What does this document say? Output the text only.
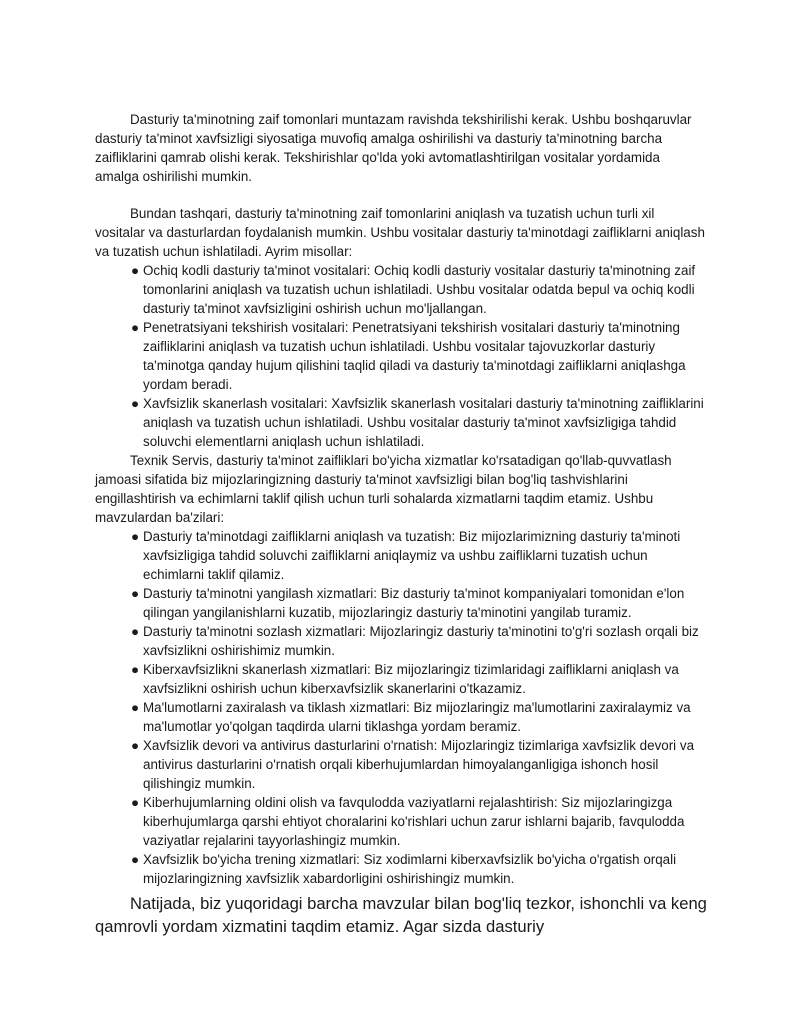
Dasturiy ta'minotning zaif tomonlari muntazam ravishda tekshirilishi kerak. Ushbu boshqaruvlar dasturiy ta'minot xavfsizligi siyosatiga muvofiq amalga oshirilishi va dasturiy ta'minotning barcha zaifliklarini qamrab olishi kerak. Tekshirishlar qo'lda yoki avtomatlashtirilgan vositalar yordamida amalga oshirilishi mumkin.

Bundan tashqari, dasturiy ta'minotning zaif tomonlarini aniqlash va tuzatish uchun turli xil vositalar va dasturlardan foydalanish mumkin. Ushbu vositalar dasturiy ta'minotdagi zaifliklarni aniqlash va tuzatish uchun ishlatiladi. Ayrim misollar:

● Ochiq kodli dasturiy ta'minot vositalari: Ochiq kodli dasturiy vositalar dasturiy ta'minotning zaif tomonlarini aniqlash va tuzatish uchun ishlatiladi. Ushbu vositalar odatda bepul va ochiq kodli dasturiy ta'minot xavfsizligini oshirish uchun mo'ljallangan.
● Penetratsiyani tekshirish vositalari: Penetratsiyani tekshirish vositalari dasturiy ta'minotning zaifliklarini aniqlash va tuzatish uchun ishlatiladi. Ushbu vositalar tajovuzkorlar dasturiy ta'minotga qanday hujum qilishini taqlid qiladi va dasturiy ta'minotdagi zaifliklarni aniqlashga yordam beradi.
● Xavfsizlik skanerlash vositalari: Xavfsizlik skanerlash vositalari dasturiy ta'minotning zaifliklarini aniqlash va tuzatish uchun ishlatiladi. Ushbu vositalar dasturiy ta'minot xavfsizligiga tahdid soluvchi elementlarni aniqlash uchun ishlatiladi.

Texnik Servis, dasturiy ta'minot zaifliklari bo'yicha xizmatlar ko'rsatadigan qo'llab-quvvatlash jamoasi sifatida biz mijozlaringizning dasturiy ta'minot xavfsizligi bilan bog'liq tashvishlarini engillashtirish va echimlarni taklif qilish uchun turli sohalarda xizmatlarni taqdim etamiz. Ushbu mavzulardan ba'zilari:

● Dasturiy ta'minotdagi zaifliklarni aniqlash va tuzatish: Biz mijozlarimizning dasturiy ta'minoti xavfsizligiga tahdid soluvchi zaifliklarni aniqlaymiz va ushbu zaifliklarni tuzatish uchun echimlarni taklif qilamiz.
● Dasturiy ta'minotni yangilash xizmatlari: Biz dasturiy ta'minot kompaniyalari tomonidan e'lon qilingan yangilanishlarni kuzatib, mijozlaringiz dasturiy ta'minotini yangilab turamiz.
● Dasturiy ta'minotni sozlash xizmatlari: Mijozlaringiz dasturiy ta'minotini to'g'ri sozlash orqali biz xavfsizlikni oshirishimiz mumkin.
● Kiberxavfsizlikni skanerlash xizmatlari: Biz mijozlaringiz tizimlaridagi zaifliklarni aniqlash va xavfsizlikni oshirish uchun kiberxavfsizlik skanerlarini o'tkazamiz.
● Ma'lumotlarni zaxiralash va tiklash xizmatlari: Biz mijozlaringiz ma'lumotlarini zaxiralaymiz va ma'lumotlar yo'qolgan taqdirda ularni tiklashga yordam beramiz.
● Xavfsizlik devori va antivirus dasturlarini o'rnatish: Mijozlaringiz tizimlariga xavfsizlik devori va antivirus dasturlarini o'rnatish orqali kiberhujumlardan himoyalanganligiga ishonch hosil qilishingiz mumkin.
● Kiberhujumlarning oldini olish va favqulodda vaziyatlarni rejalashtirish: Siz mijozlaringizga kiberhujumlarga qarshi ehtiyot choralarini ko'rishlari uchun zarur ishlarni bajarib, favqulodda vaziyatlar rejalarini tayyorlashingiz mumkin.
● Xavfsizlik bo'yicha trening xizmatlari: Siz xodimlarni kiberxavfsizlik bo'yicha o'rgatish orqali mijozlaringizning xavfsizlik xabardorligini oshirishingiz mumkin.

Natijada, biz yuqoridagi barcha mavzular bilan bog'liq tezkor, ishonchli va keng qamrovli yordam xizmatini taqdim etamiz. Agar sizda dasturiy
